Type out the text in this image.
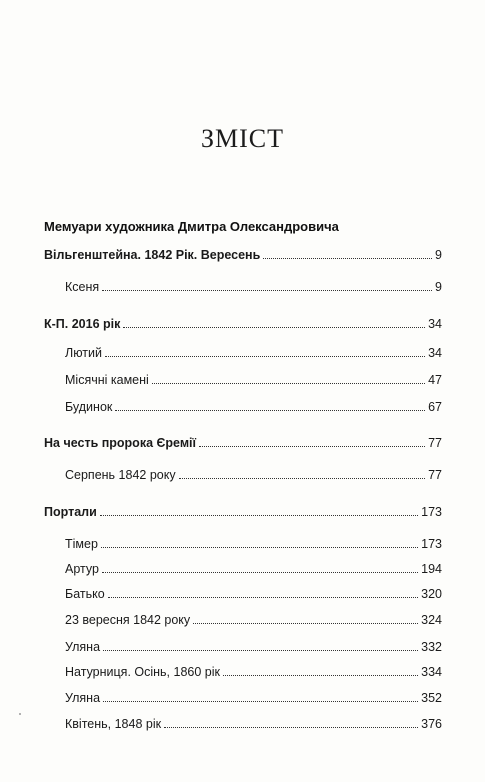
ЗМІСТ
Мемуари художника Дмитра Олександровича
Вільгенштейна. 1842 Рік. Вересень	9
Ксеня	9
К-П. 2016 рік	34
Лютий	34
Місячні камені	47
Будинок	67
На честь пророка Єремії	77
Серпень 1842 року	77
Портали	173
Тімер	173
Артур	194
Батько	320
23 вересня 1842 року	324
Уляна	332
Натурниця. Осінь, 1860 рік	334
Уляна	352
Квітень, 1848 рік	376
